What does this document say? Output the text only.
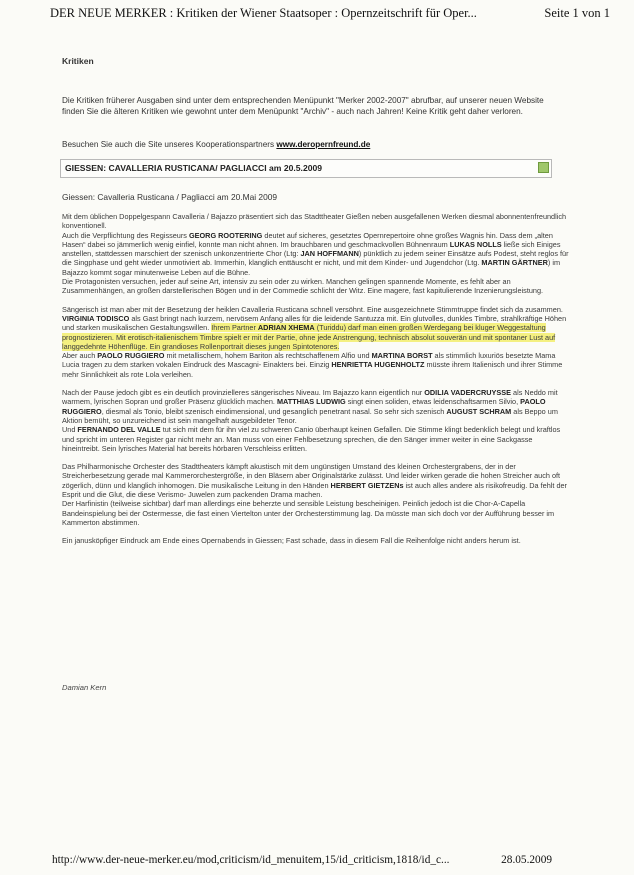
DER NEUE MERKER : Kritiken der Wiener Staatsoper : Opernzeitschrift für Oper...	Seite 1 von 1
Kritiken
Die Kritiken früherer Ausgaben sind unter dem entsprechenden Menüpunkt "Merker 2002-2007" abrufbar, auf unserer neuen Website finden Sie die älteren Kritiken wie gewohnt unter dem Menüpunkt "Archiv" - auch nach Jahren! Keine Kritik geht daher verloren.
Besuchen Sie auch die Site unseres Kooperationspartners www.deropernfreund.de
GIESSEN: CAVALLERIA RUSTICANA/ PAGLIACCI am 20.5.2009
Giessen: Cavalleria Rusticana / Pagliacci am 20.Mai 2009

Mit dem üblichen Doppelgespann Cavalleria / Bajazzo präsentiert sich das Stadttheater Gießen neben ausgefallenen Werken diesmal abonnentenfreundlich konventionell.
Auch die Verpflichtung des Regisseurs GEORG ROOTERING deutet auf sicheres, gesetztes Opernrepertoire ohne großes Wagnis hin. Dass dem „alten Hasen“ dabei so jämmerlich wenig einfiel, konnte man nicht ahnen. Im brauchbaren und geschmackvollen Bühnenraum LUKAS NOLLS ließe sich Einiges anstellen, stattdessen marschiert der szenisch unkonzentrierte Chor (Ltg: JAN HOFFMANN) pünktlich zu jedem seiner Einsätze aufs Podest, steht reglos für die Singphase und geht wieder unmotiviert ab. Immerhin, klanglich enttäuscht er nicht, und mit dem Kinder- und Jugendchor (Ltg. MARTIN GÄRTNER) im Bajazzo kommt sogar minutenweise Leben auf die Bühne.
Die Protagonisten versuchen, jeder auf seine Art, intensiv zu sein oder zu wirken. Manchen gelingen spannende Momente, es fehlt aber an Zusammenhängen, an großen darstellerischen Bögen und in der Commedie schlicht der Witz. Eine magere, fast kapitulierende Inzenierungsleistung.

Sängerisch ist man aber mit der Besetzung der heiklen Cavalleria Rusticana schnell versöhnt. Eine ausgezeichnete Stimmtruppe findet sich da zusammen.
VIRGINIA TODISCO als Gast bringt nach kurzem, nervösem Anfang alles für die leidende Santuzza mit. Ein glutvolles, dunkles Timbre, strahlkräftige Höhen und starken musikalischen Gestaltungswillen. Ihrem Partner ADRIAN XHEMA (Turiddu) darf man einen großen Werdegang bei kluger Weggestaltung prognostizieren. Mit erotisch-italienischem Timbre spielt er mit der Partie, ohne jede Anstrengung, technisch absolut souverän und mit spontaner Lust auf langgedehnte Höhenflüge. Ein grandioses Rollenportrait dieses jungen Spintotenores.
Aber auch PAOLO RUGGIERO mit metallischem, hohem Bariton als rechtschaffenem Alfio und MARTINA BORST als stimmlich luxuriös besetzte Mama Lucia tragen zu dem starken vokalen Eindruck des Mascagni- Einakters bei. Einzig HENRIETTA HUGENHOLTZ müsste ihrem Italienisch und ihrer Stimme mehr Sinnlichkeit als rote Lola verleihen.

Nach der Pause jedoch gibt es ein deutlich provinzielleres sängerisches Niveau. Im Bajazzo kann eigentlich nur ODILIA VADERCRUYSSE als Neddo mit warmem, lyrischen Sopran und großer Präsenz glücklich machen. MATTHIAS LUDWIG singt einen soliden, etwas leidenschaftsarmen Silvio, PAOLO RUGGIERO, diesmal als Tonio, bleibt szenisch eindimensional, und gesanglich penetrant nasal. So sehr sich szenisch AUGUST SCHRAM als Beppo um Aktion bemüht, so unzureichend ist sein mangelhaft ausgebildeter Tenor.
Und FERNANDO DEL VALLE tut sich mit dem für ihn viel zu schweren Canio überhaupt keinen Gefallen. Die Stimme klingt bedenklich belegt und kraftlos und spricht im unteren Register gar nicht mehr an. Man muss von einer Fehlbesetzung sprechen, die den Sänger immer weiter in eine Sackgasse hineintreibt. Sein lyrisches Material hat bereits hörbaren Verschleiss erlitten.

Das Philharmonische Orchester des Stadttheaters kämpft akustisch mit dem ungünstigen Umstand des kleinen Orchestergrabens, der in der Streicherbesetzung gerade mal Kammerorchestergröße, in den Bläsern aber Originalstärke zulässt. Und leider wirken gerade die hohen Streicher auch oft zögerlich, dünn und klanglich inhomogen. Die musikalische Leitung in den Händen HERBERT GIETZENs ist auch alles andere als risikofreudig. Da fehlt der Esprit und die Glut, die diese Verismo- Juwelen zum packenden Drama machen.
Der Harfinistin (teilweise sichtbar) darf man allerdings eine beherzte und sensible Leistung bescheinigen. Peinlich jedoch ist die Chor-A-Capella Bandeinspielung bei der Ostermesse, die fast einen Viertelton unter der Orchesterstimmung lag. Da müsste man sich doch vor der Aufführung besser im Kammerton abstimmen.

Ein janusköpfiger Eindruck am Ende eines Opernabends in Giessen; Fast schade, dass in diesem Fall die Reihenfolge nicht anders herum ist.

Damian Kern
http://www.der-neue-merker.eu/mod,criticism/id_menuitem,15/id_criticism,1818/id_c...	28.05.2009
